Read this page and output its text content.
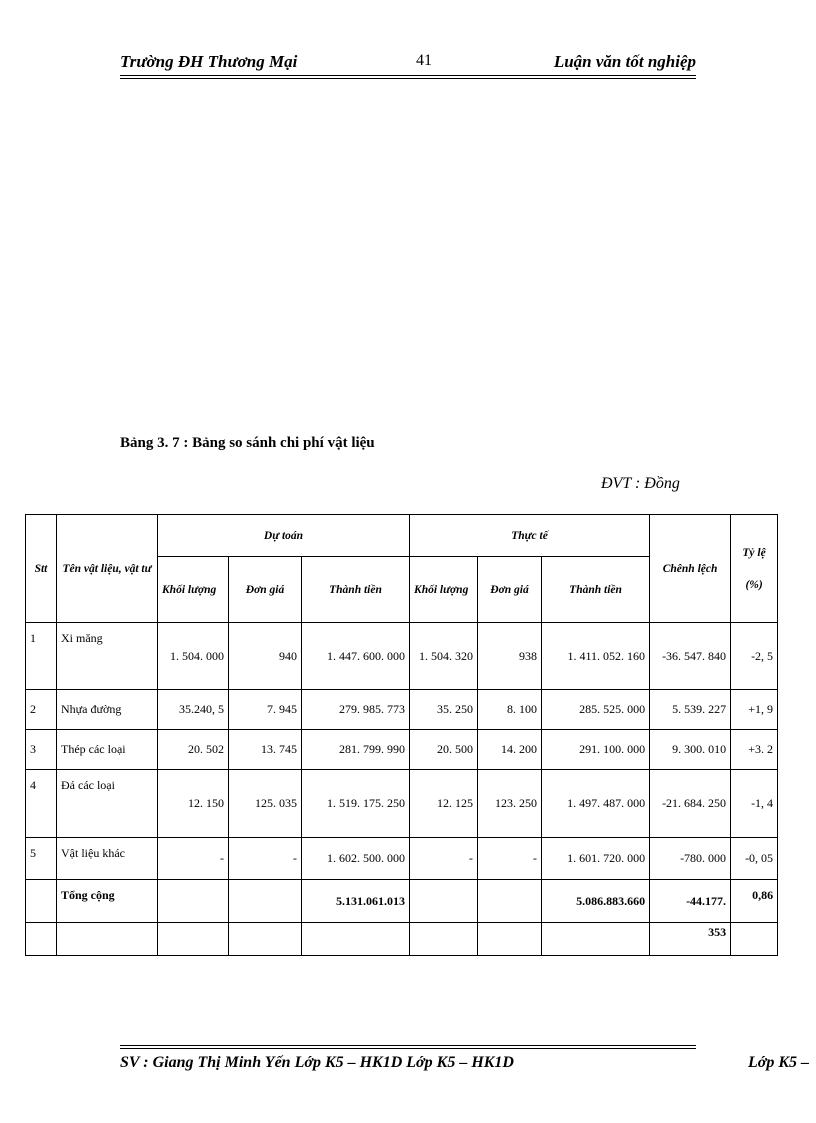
Trường ĐH Thương Mại	41	Luận văn tốt nghiệp
Bảng 3. 7 : Bảng so sánh chi phí vật liệu
ĐVT : Đồng
Stt	Tên vật liệu, vật tư	Dự toán			Thực tế			Chênh lệch	Tỷ lệ (%)
		Khối lượng	Đơn giá	Thành tiền	Khối lượng	Đơn giá	Thành tiền		
1	Xi măng	1. 504. 000	940	1. 447. 600. 000	1. 504. 320	938	1. 411. 052. 160	-36. 547. 840	-2, 5
2	Nhựa đường	35.240, 5	7. 945	279. 985. 773	35. 250	8. 100	285. 525. 000	5. 539. 227	+1, 9
3	Thép các loại	20. 502	13. 745	281. 799. 990	20. 500	14. 200	291. 100. 000	9. 300. 010	+3. 2
4	Đá các loại	12. 150	125. 035	1. 519. 175. 250	12. 125	123. 250	1. 497. 487. 000	-21. 684. 250	-1, 4
5	Vật liệu khác	-	-	1. 602. 500. 000	-	-	1. 601. 720. 000	-780. 000	-0, 05
	Tổng cộng			5.131.061.013			5.086.883.660	-44.177.	0,86
								353	
SV : Giang Thị Minh Yến Lớp K5 – HK1D Lớp K5 – HK1D	Lớp K5 –
